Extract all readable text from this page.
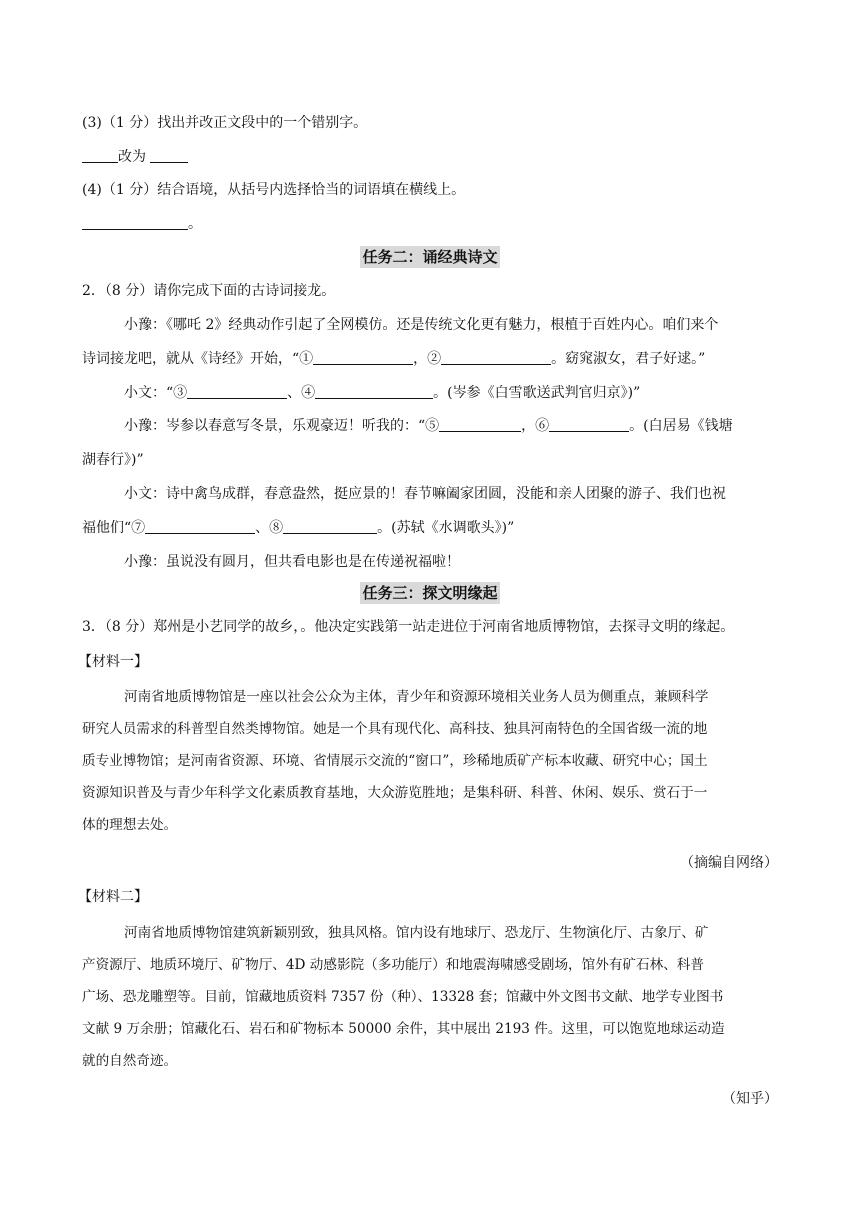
(3)（1 分）找出并改正文段中的一个错别字。
改为
(4)（1 分）结合语境，从括号内选择恰当的词语填在横线上。
。
任务二：诵经典诗文
2．（8 分）请你完成下面的古诗词接龙。
小豫：《哪吒 2》经典动作引起了全网模仿。还是传统文化更有魅力，根植于百姓内心。咱们来个
诗词接龙吧，就从《诗经》开始，“①	，②	。窈窕淑女，君子好逑。”
小文：“③	、④	。(岑参《白雪歌送武判官归京》)”
小豫：岑参以春意写冬景，乐观豪迈！听我的：“⑤	，⑥	。(白居易《钱塘
湖春行》)”
小文：诗中禽鸟成群，春意盎然，挺应景的！春节嘛阖家团圆，没能和亲人团聚的游子、我们也祝
福他们“⑦	、⑧	。(苏轼《水调歌头》)”
小豫：虽说没有圆月，但共看电影也是在传递祝福啦！
任务三：探文明缘起
3．（8 分）郑州是小艺同学的故乡，。他决定实践第一站走进位于河南省地质博物馆，去探寻文明的缘起。
【材料一】
河南省地质博物馆是一座以社会公众为主体，青少年和资源环境相关业务人员为侧重点，兼顾科学
研究人员需求的科普型自然类博物馆。她是一个具有现代化、高科技、独具河南特色的全国省级一流的地
质专业博物馆；是河南省资源、环境、省情展示交流的“窗口”，珍稀地质矿产标本收藏、研究中心；国土
资源知识普及与青少年科学文化素质教育基地，大众游览胜地；是集科研、科普、休闲、娱乐、赏石于一
体的理想去处。
（摘编自网络）
【材料二】
河南省地质博物馆建筑新颖别致，独具风格。馆内设有地球厅、恐龙厅、生物演化厅、古象厅、矿
产资源厅、地质环境厅、矿物厅、4D 动感影院（多功能厅）和地震海啸感受剧场，馆外有矿石林、科普
广场、恐龙雕塑等。目前，馆藏地质资料 7357 份（种）、13328 套；馆藏中外文图书文献、地学专业图书
文献 9 万余册；馆藏化石、岩石和矿物标本 50000 余件，其中展出 2193 件。这里，可以饱览地球运动造
就的自然奇迹。
（知乎）
